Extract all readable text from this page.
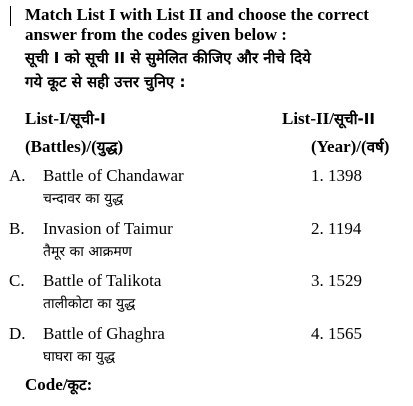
Match List I with List II and choose the correct
answer from the codes given below :
सूची I को सूची II से सुमेलित कीजिए और नीचे दिये
गये कूट से सही उत्तर चुनिए :
List-I/सूची-I
(Battles)/(युद्ध)
List-II/सूची-II
(Year)/(वर्ष)
A. Battle of Chandawar
चन्दावर का युद्ध
1. 1398
B. Invasion of Taimur
तैमूर का आक्रमण
2. 1194
C. Battle of Talikota
तालीकोटा का युद्ध
3. 1529
D. Battle of Ghaghra
घाघरा का युद्ध
4. 1565
Code/कूट:
